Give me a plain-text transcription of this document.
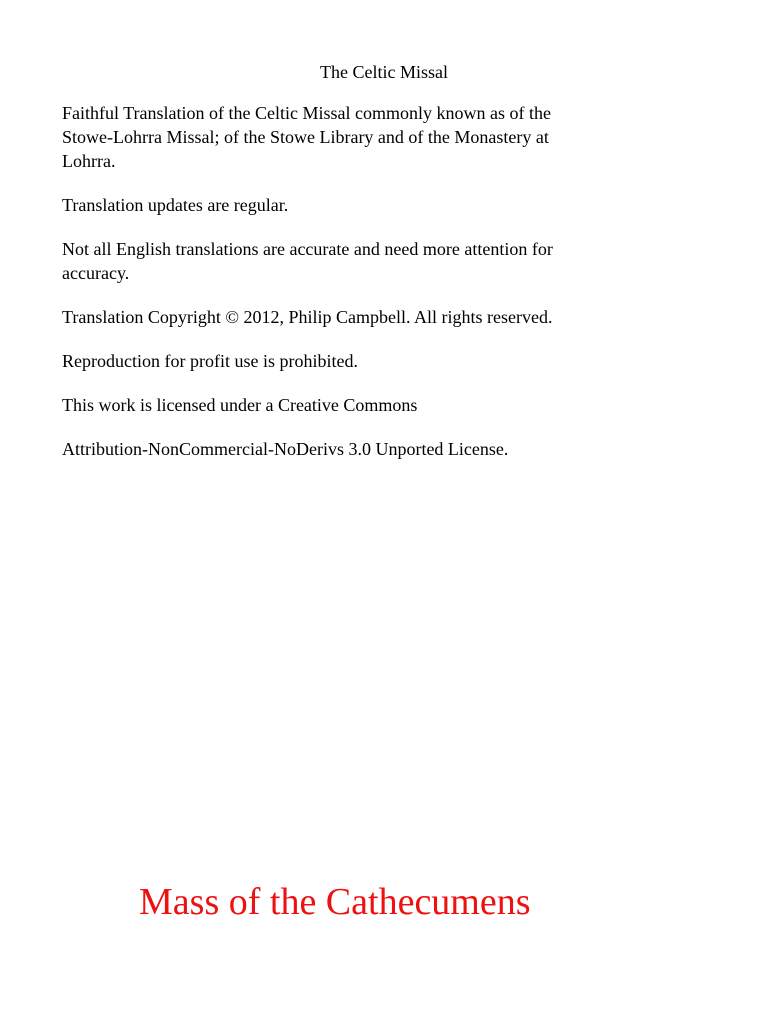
The Celtic Missal

Faithful Translation of the Celtic Missal commonly known as of the
Stowe-Lohrra Missal; of the Stowe Library and of the Monastery at
Lohrra.

Translation updates are regular.

Not all English translations are accurate and need more attention for
accuracy.

Translation Copyright © 2012, Philip Campbell. All rights reserved.

Reproduction for profit use is prohibited.

This work is licensed under a Creative Commons

Attribution-NonCommercial-NoDerivs 3.0 Unported License.

Mass of the Cathecumens
